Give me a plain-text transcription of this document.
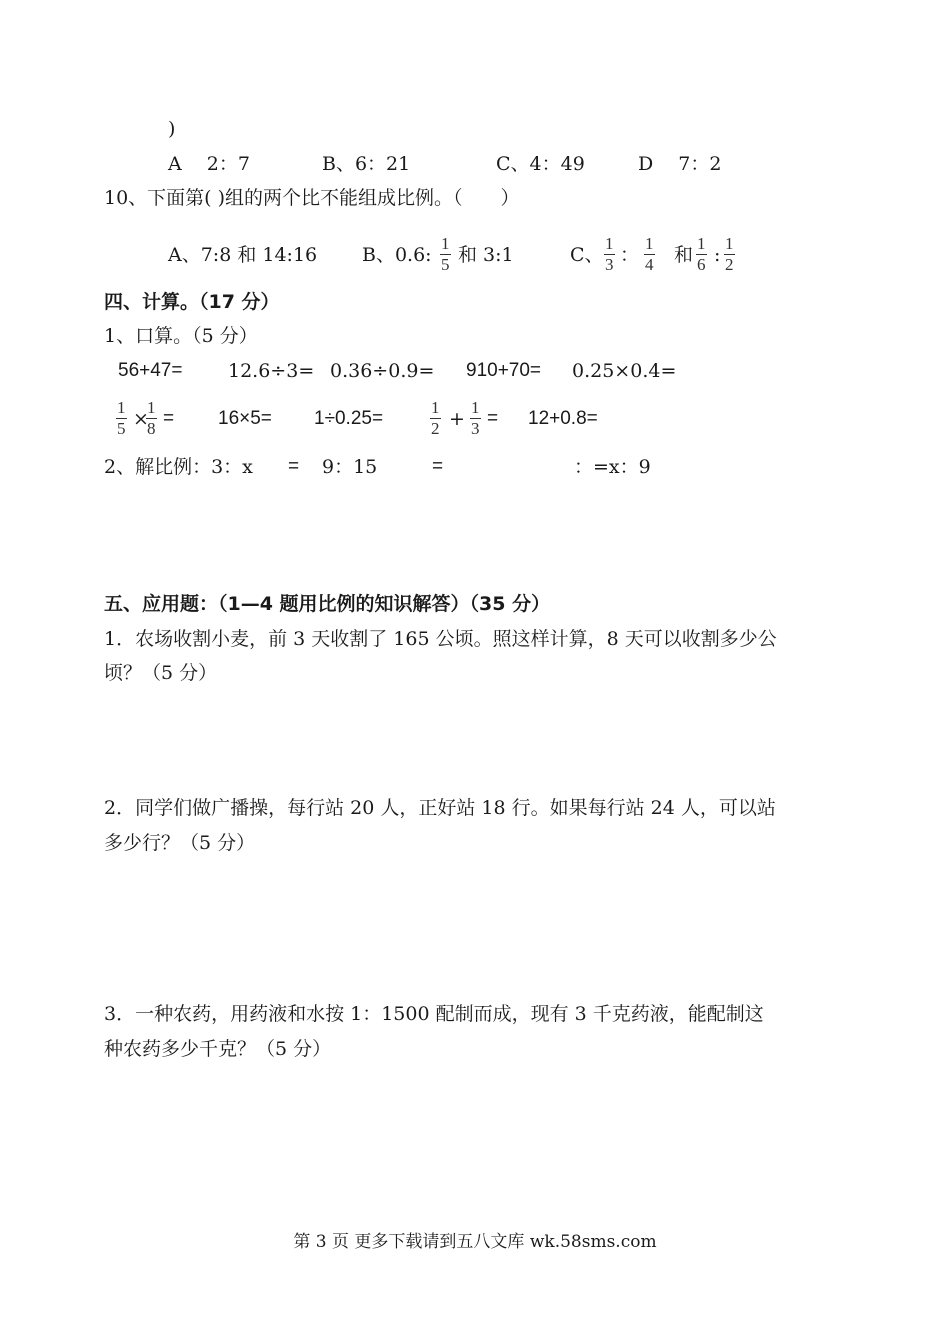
)
A  2：7	B、6：21	C、4：49	D  7：2
10、下面第( )组的两个比不能组成比例。（  ）
A、7:8 和 14:16 B、0.6: $\frac{1}{5}$ 和 3:1	C、 $\frac{1}{3}$ ： $\frac{1}{4}$ 和 $\frac{1}{6}$ : $\frac{1}{2}$
四、计算。（17 分）
1、口算。（5 分）
56+47= 12.6÷3= 0.36÷0.9= 910+70= 0.25×0.4=
$\frac{1}{5}$ ×
$\frac{1}{8} = 16\times 5= 1\div 0.25=$	$\frac{1}{2} + \frac{1}{3} = 12+0.8=$
2、解比例：3：x = 9：15	=	：=x：9
五、应用题：（1—4 题用比例的知识解答）（35 分）
1．农场收割小麦，前 3 天收割了 165 公顷。照这样计算，8 天可以收割多少公
顷？（5 分）
2．同学们做广播操，每行站 20 人，正好站 18 行。如果每行站 24 人，可以站
多少行？（5 分）
3．一种农药，用药液和水按 1：1500 配制而成，现有 3 千克药液，能配制这
种农药多少千克？（5 分）
第 3 页 更多下载请到五八文库 wk.58sms.com
